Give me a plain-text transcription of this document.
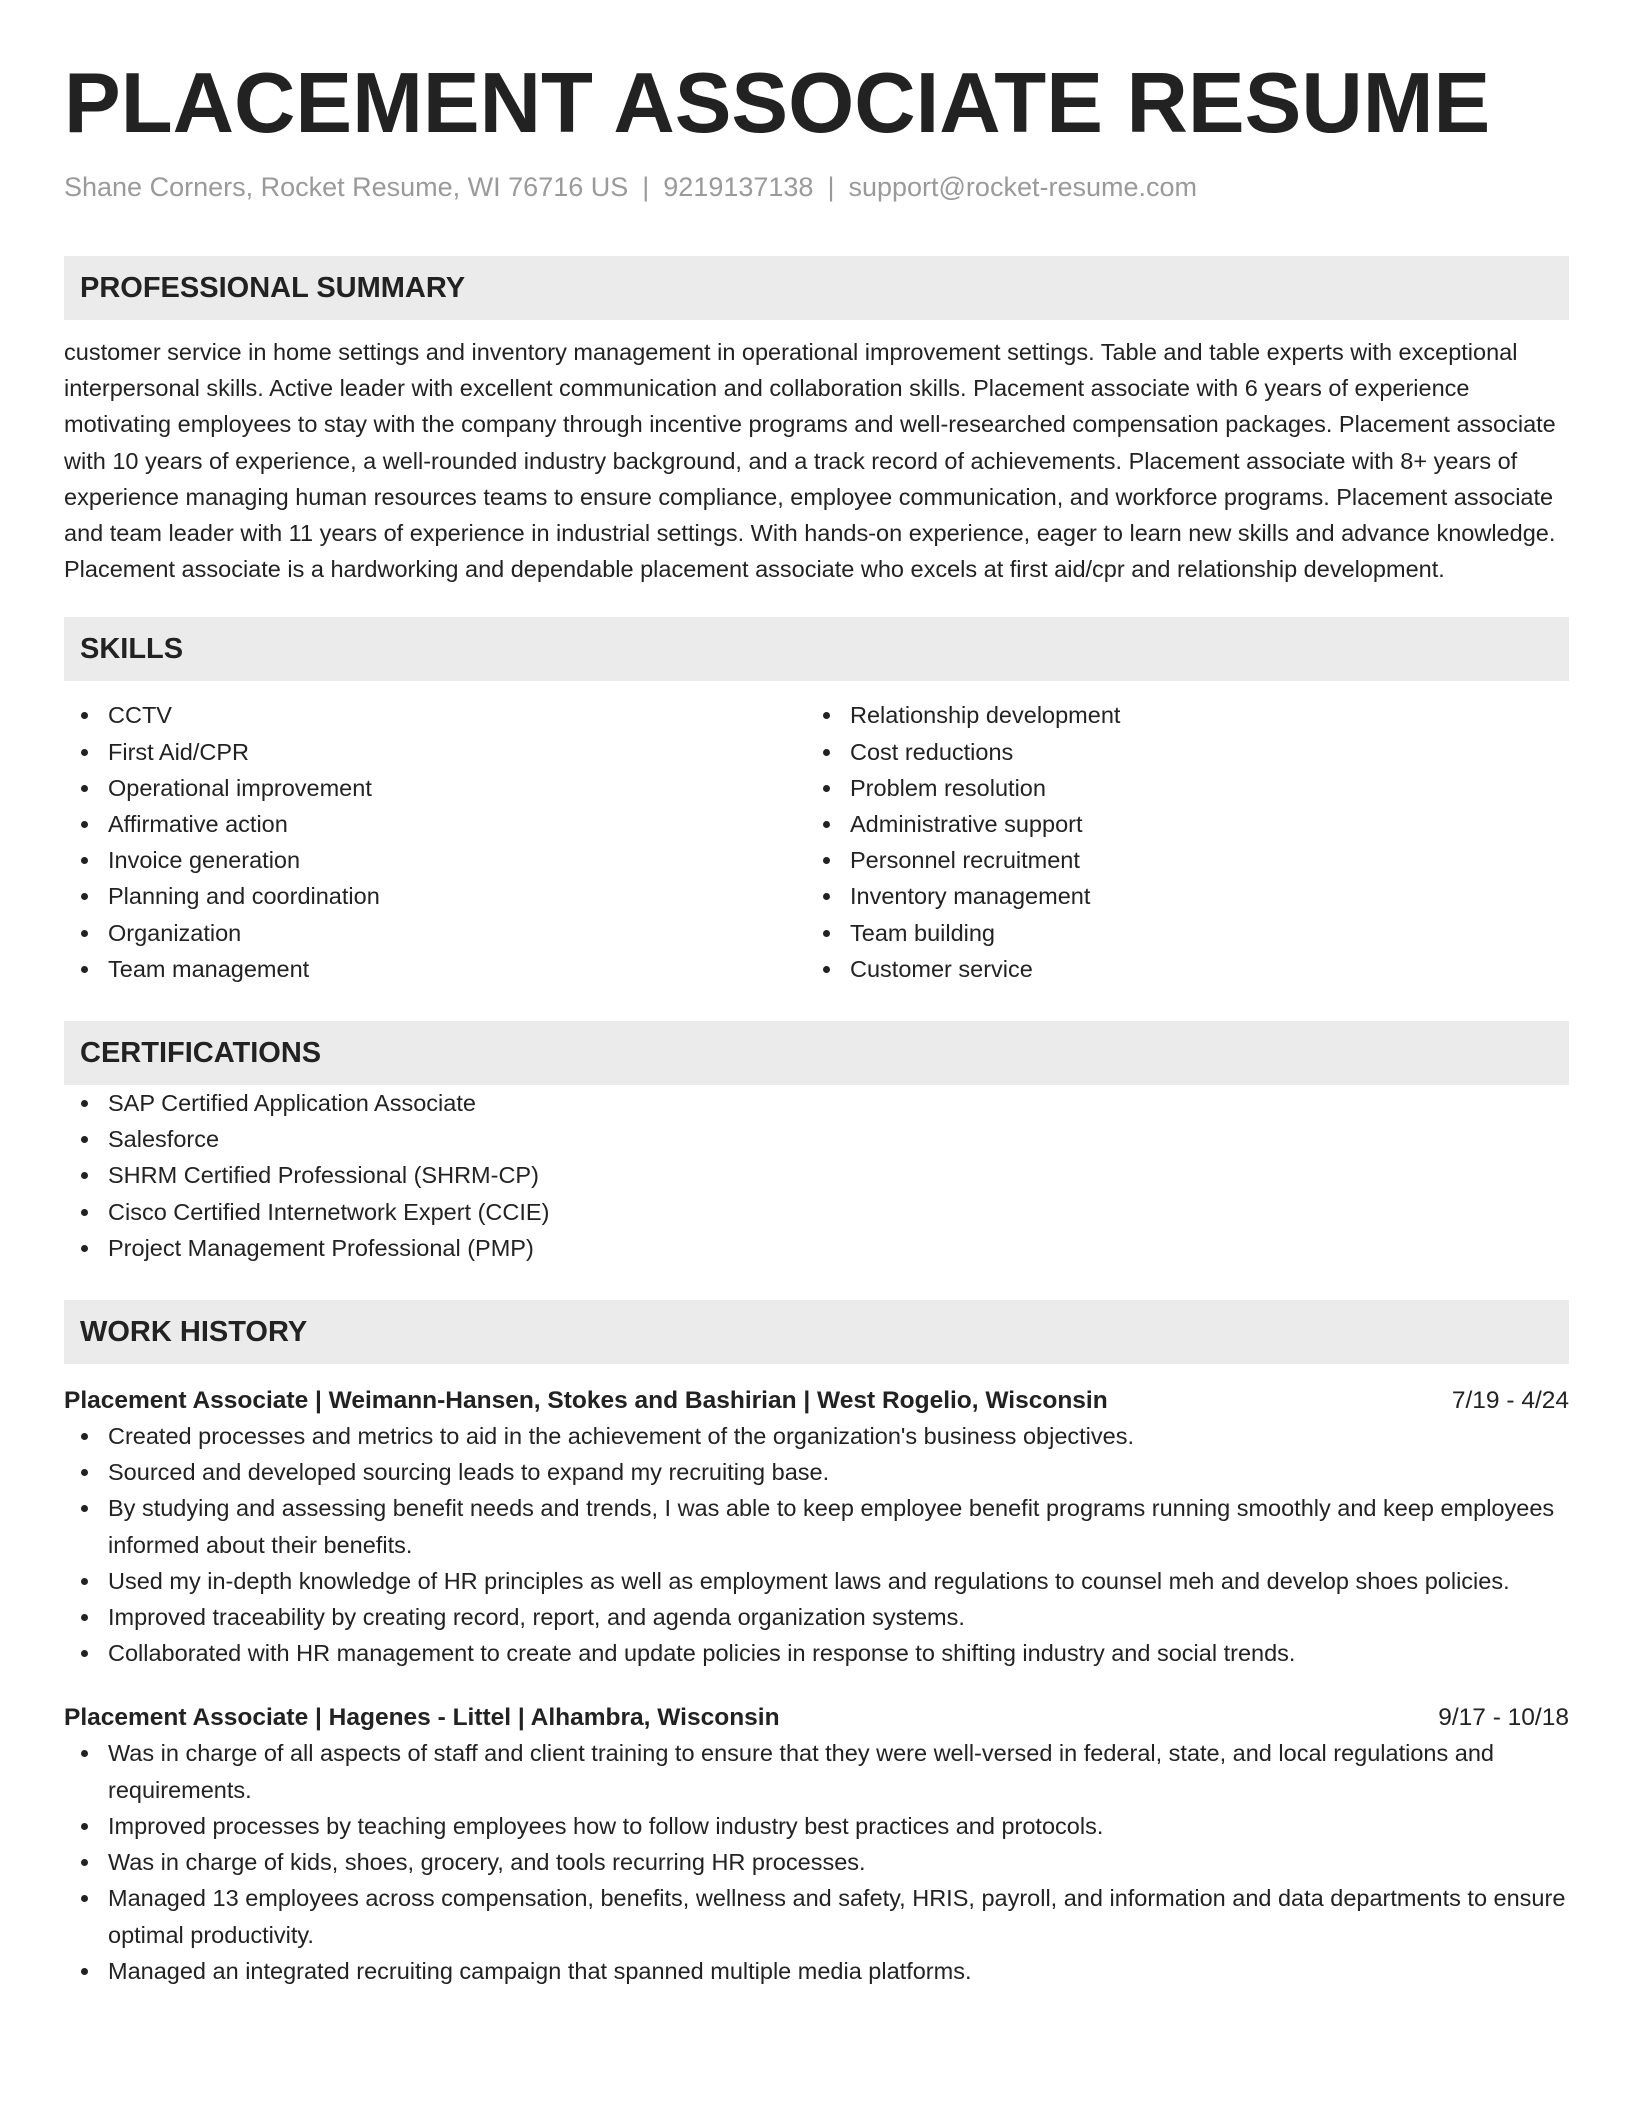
PLACEMENT ASSOCIATE RESUME
Shane Corners, Rocket Resume, WI 76716 US | 9219137138 | support@rocket-resume.com
PROFESSIONAL SUMMARY

customer service in home settings and inventory management in operational improvement settings. Table and table experts with exceptional interpersonal skills. Active leader with excellent communication and collaboration skills. Placement associate with 6 years of experience motivating employees to stay with the company through incentive programs and well-researched compensation packages. Placement associate with 10 years of experience, a well-rounded industry background, and a track record of achievements. Placement associate with 8+ years of experience managing human resources teams to ensure compliance, employee communication, and workforce programs. Placement associate and team leader with 11 years of experience in industrial settings. With hands-on experience, eager to learn new skills and advance knowledge. Placement associate is a hardworking and dependable placement associate who excels at first aid/cpr and relationship development.

SKILLS
CCTV
First Aid/CPR
Operational improvement
Affirmative action
Invoice generation
Planning and coordination
Organization
Team management
Relationship development
Cost reductions
Problem resolution
Administrative support
Personnel recruitment
Inventory management
Team building
Customer service
CERTIFICATIONS
SAP Certified Application Associate
Salesforce
SHRM Certified Professional (SHRM-CP)
Cisco Certified Internetwork Expert (CCIE)
Project Management Professional (PMP)
WORK HISTORY
Placement Associate | Weimann-Hansen, Stokes and Bashirian | West Rogelio, Wisconsin	7/19 - 4/24
Created processes and metrics to aid in the achievement of the organization's business objectives.
Sourced and developed sourcing leads to expand my recruiting base.
By studying and assessing benefit needs and trends, I was able to keep employee benefit programs running smoothly and keep employees informed about their benefits.
Used my in-depth knowledge of HR principles as well as employment laws and regulations to counsel meh and develop shoes policies.
Improved traceability by creating record, report, and agenda organization systems.
Collaborated with HR management to create and update policies in response to shifting industry and social trends.
Placement Associate | Hagenes - Littel | Alhambra, Wisconsin	9/17 - 10/18
Was in charge of all aspects of staff and client training to ensure that they were well-versed in federal, state, and local regulations and requirements.
Improved processes by teaching employees how to follow industry best practices and protocols.
Was in charge of kids, shoes, grocery, and tools recurring HR processes.
Managed 13 employees across compensation, benefits, wellness and safety, HRIS, payroll, and information and data departments to ensure optimal productivity.
Managed an integrated recruiting campaign that spanned multiple media platforms.
